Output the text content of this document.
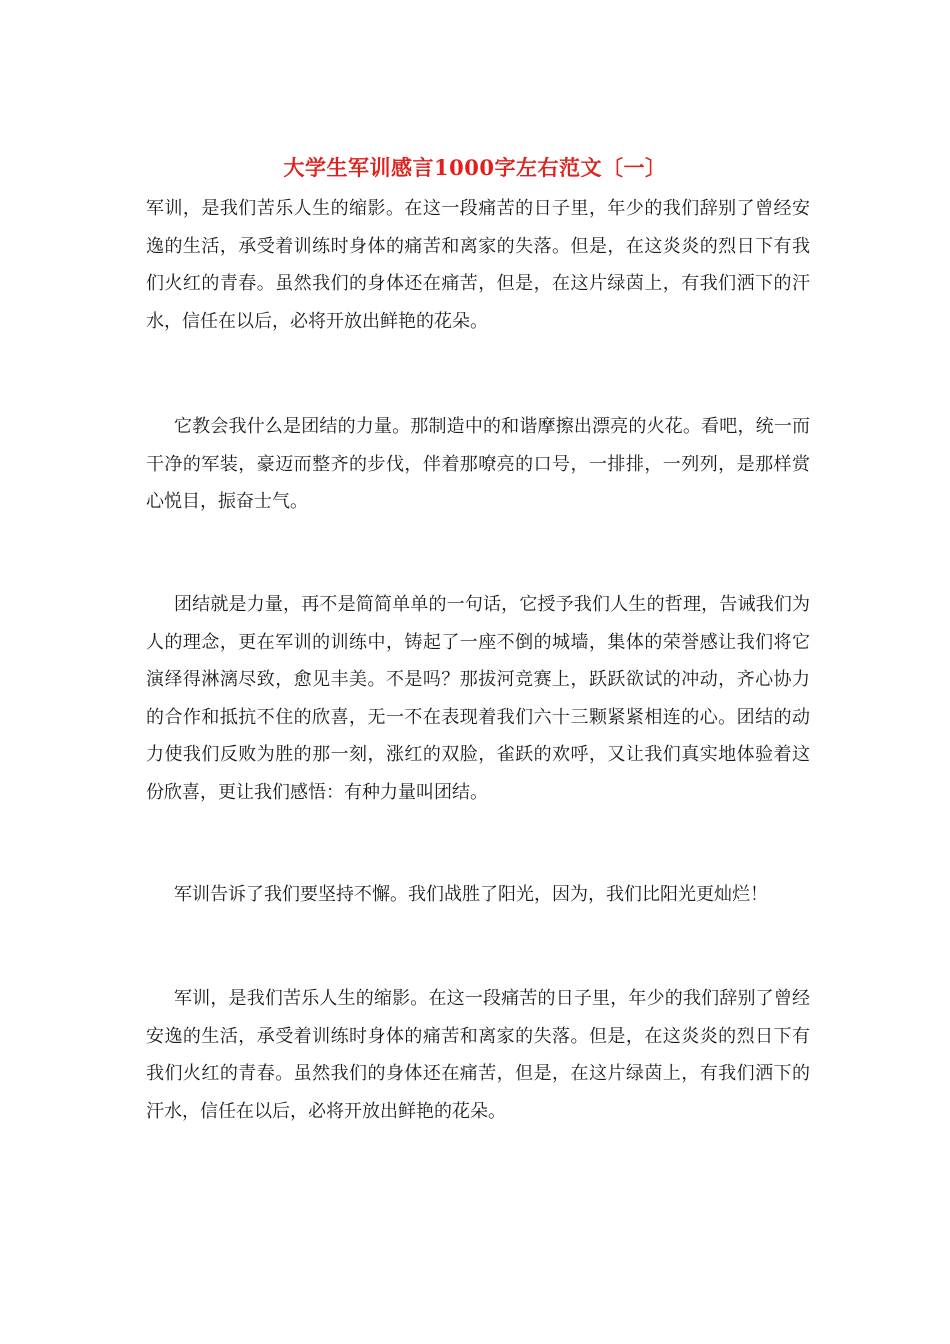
大学生军训感言1000字左右范文〔一〕

军训，是我们苦乐人生的缩影。在这一段痛苦的日子里，年少的我们辞别了曾经安逸的生活，承受着训练时身体的痛苦和离家的失落。但是，在这炎炎的烈日下有我们火红的青春。虽然我们的身体还在痛苦，但是，在这片绿茵上，有我们洒下的汗水，信任在以后，必将开放出鲜艳的花朵。

它教会我什么是团结的力量。那制造中的和谐摩擦出漂亮的火花。看吧，统一而干净的军装，豪迈而整齐的步伐，伴着那嘹亮的口号，一排排，一列列，是那样赏心悦目，振奋士气。

团结就是力量，再不是简简单单的一句话，它授予我们人生的哲理，告诫我们为人的理念，更在军训的训练中，铸起了一座不倒的城墙，集体的荣誉感让我们将它演绎得淋漓尽致，愈见丰美。不是吗？那拔河竞赛上，跃跃欲试的冲动，齐心协力的合作和抵抗不住的欣喜，无一不在表现着我们六十三颗紧紧相连的心。团结的动力使我们反败为胜的那一刻，涨红的双脸，雀跃的欢呼，又让我们真实地体验着这份欣喜，更让我们感悟：有种力量叫团结。

军训告诉了我们要坚持不懈。我们战胜了阳光，因为，我们比阳光更灿烂！

军训，是我们苦乐人生的缩影。在这一段痛苦的日子里，年少的我们辞别了曾经安逸的生活，承受着训练时身体的痛苦和离家的失落。但是，在这炎炎的烈日下有我们火红的青春。虽然我们的身体还在痛苦，但是，在这片绿茵上，有我们洒下的汗水，信任在以后，必将开放出鲜艳的花朵。
